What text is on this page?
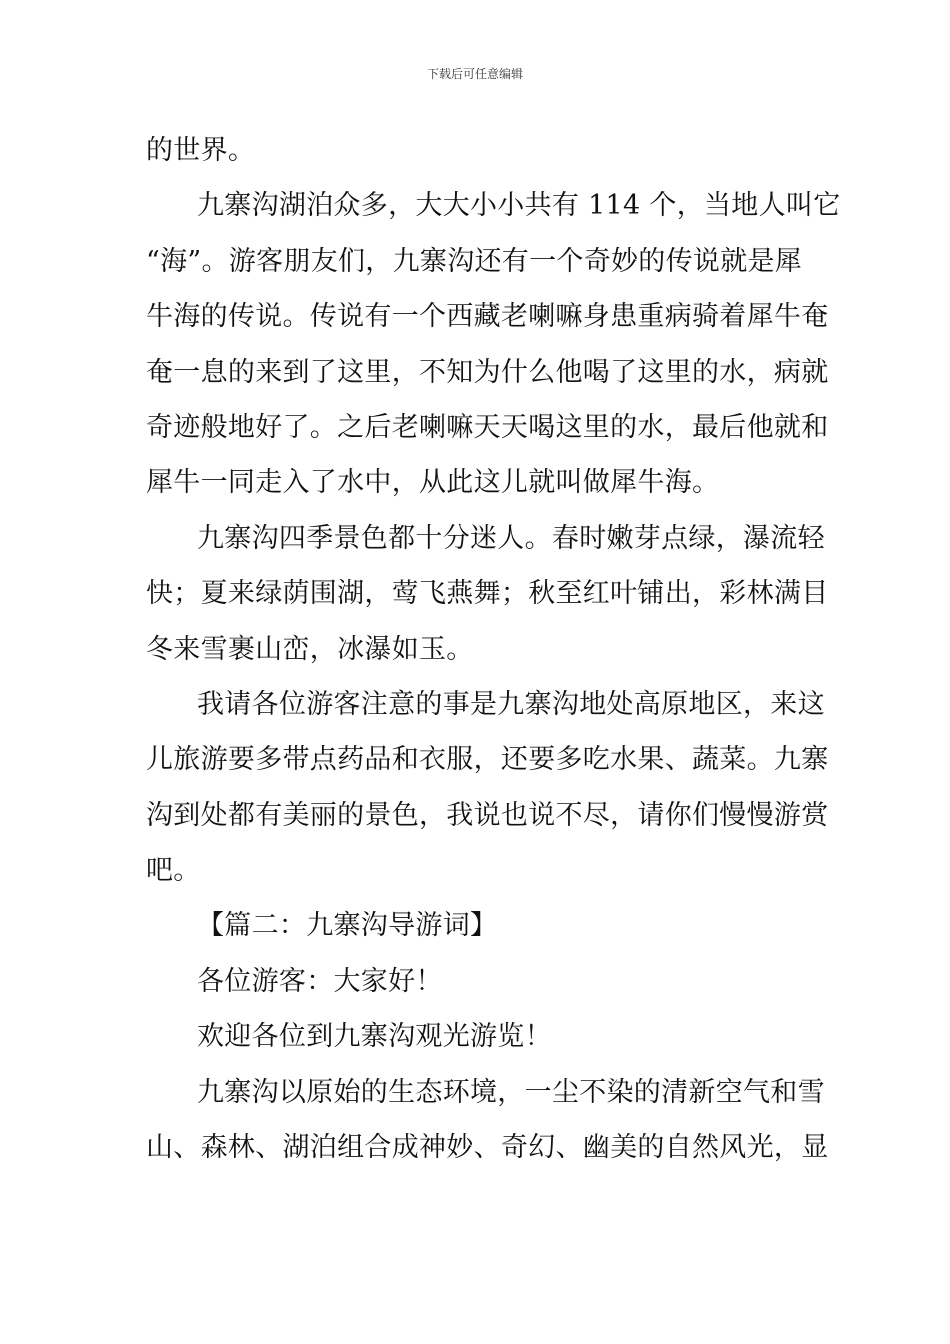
下载后可任意编辑
的世界。
九寨沟湖泊众多，大大小小共有 114 个，当地人叫它
“海”。游客朋友们，九寨沟还有一个奇妙的传说就是犀
牛海的传说。传说有一个西藏老喇嘛身患重病骑着犀牛奄
奄一息的来到了这里，不知为什么他喝了这里的水，病就
奇迹般地好了。之后老喇嘛天天喝这里的水，最后他就和
犀牛一同走入了水中，从此这儿就叫做犀牛海。
九寨沟四季景色都十分迷人。春时嫩芽点绿，瀑流轻
快；夏来绿荫围湖，莺飞燕舞；秋至红叶铺出，彩林满目
冬来雪裹山峦，冰瀑如玉。
我请各位游客注意的事是九寨沟地处高原地区，来这
儿旅游要多带点药品和衣服，还要多吃水果、蔬菜。九寨
沟到处都有美丽的景色，我说也说不尽，请你们慢慢游赏
吧。
【篇二：九寨沟导游词】
各位游客：大家好！
欢迎各位到九寨沟观光游览！
九寨沟以原始的生态环境，一尘不染的清新空气和雪
山、森林、湖泊组合成神妙、奇幻、幽美的自然风光，显
